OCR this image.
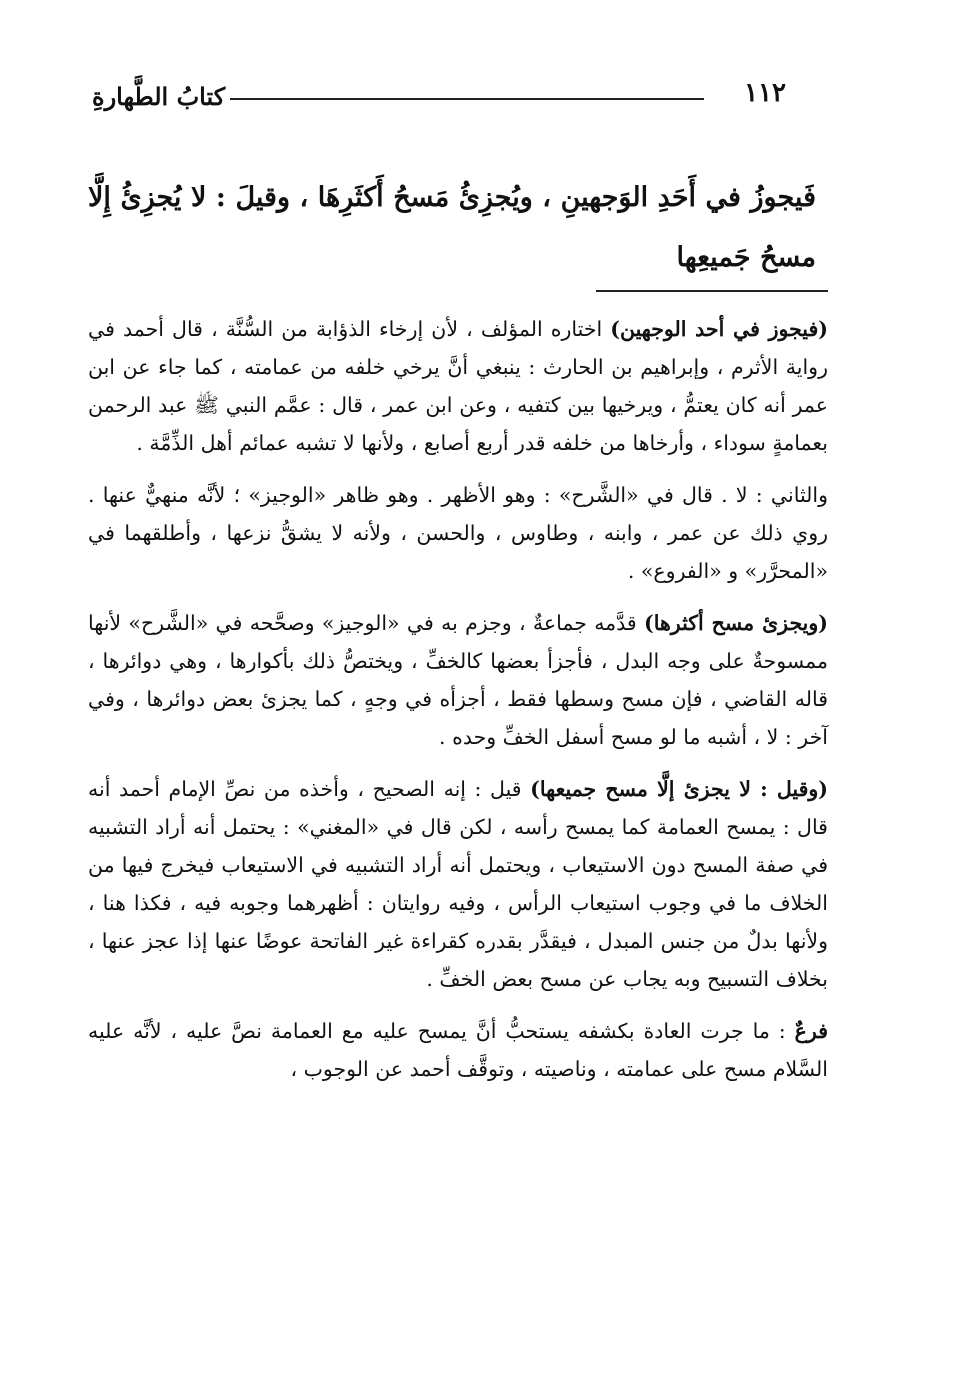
كتابُ الطَّهارةِ	١١٢
فَيجوزُ في أَحَدِ الوَجهينِ ، ويُجزِئُ مَسحُ أَكثَرِهَا ، وقيلَ : لا يُجزِئُ إِلَّا مسحُ جَميعِها

(فيجوز في أحد الوجهين) اختاره المؤلف ، لأن إرخاء الذؤابة من السُّنَّة ، قال أحمد في رواية الأثرم ، وإبراهيم بن الحارث : ينبغي أنَّ يرخي خلفه من عمامته ، كما جاء عن ابن عمر أنه كان يعتمُّ ، ويرخيها بين كتفيه ، وعن ابن عمر ، قال : عمَّم النبي ﷺ عبد الرحمن بعمامةٍ سوداء ، وأرخاها من خلفه قدر أربع أصابع ، ولأنها لا تشبه عمائم أهل الذِّمَّة .

والثاني : لا . قال في «الشَّرح» : وهو الأظهر . وهو ظاهر «الوجيز» ؛ لأنَّه منهيٌّ عنها . روي ذلك عن عمر ، وابنه ، وطاوس ، والحسن ، ولأنه لا يشقُّ نزعها ، وأطلقهما في «المحرَّر» و «الفروع» .

(ويجزئ مسح أكثرها) قدَّمه جماعةٌ ، وجزم به في «الوجيز» وصحَّحه في «الشَّرح» لأنها ممسوحةٌ على وجه البدل ، فأجزأ بعضها كالخفِّ ، ويختصُّ ذلك بأكوارها ، وهي دوائرها ، قاله القاضي ، فإن مسح وسطها فقط ، أجزأه في وجهٍ ، كما يجزئ بعض دوائرها ، وفي آخر : لا ، أشبه ما لو مسح أسفل الخفِّ وحده .

(وقيل : لا يجزئ إلَّا مسح جميعها) قيل : إنه الصحيح ، وأخذه من نصِّ الإمام أحمد أنه قال : يمسح العمامة كما يمسح رأسه ، لكن قال في «المغني» : يحتمل أنه أراد التشبيه في صفة المسح دون الاستيعاب ، ويحتمل أنه أراد التشبيه في الاستيعاب فيخرج فيها من الخلاف ما في وجوب استيعاب الرأس ، وفيه روايتان : أظهرهما وجوبه فيه ، فكذا هنا ، ولأنها بدلٌ من جنس المبدل ، فيقدَّر بقدره كقراءة غير الفاتحة عوضًا عنها إذا عجز عنها ، بخلاف التسبيح وبه يجاب عن مسح بعض الخفِّ .

فرعٌ : ما جرت العادة بكشفه يستحبُّ أنَّ يمسح عليه مع العمامة نصَّ عليه ، لأنَّه عليه السَّلام مسح على عمامته ، وناصيته ، وتوقَّف أحمد عن الوجوب ،
